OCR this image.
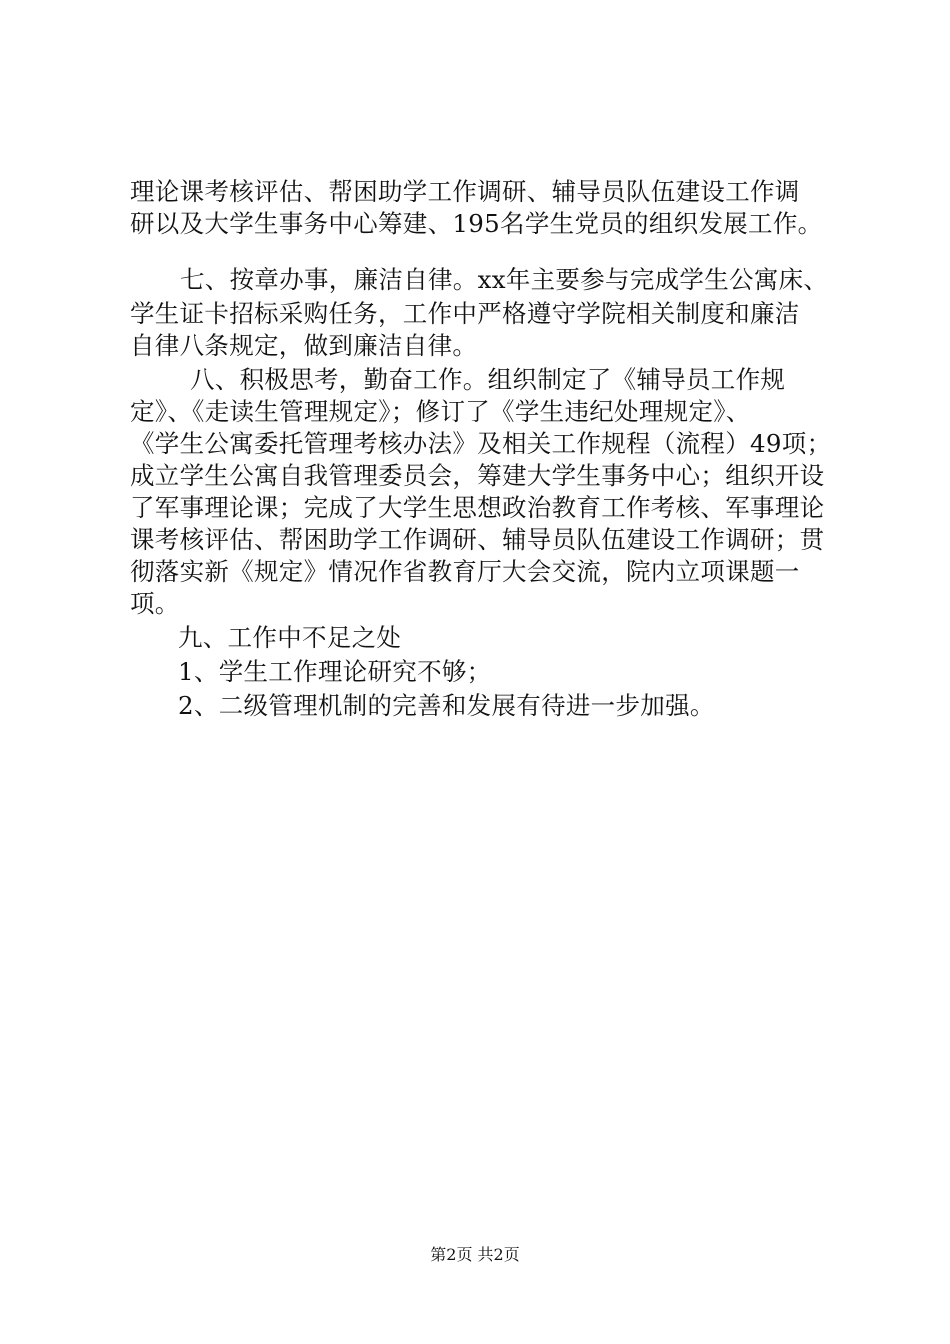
理论课考核评估、帮困助学工作调研、辅导员队伍建设工作调
研以及大学生事务中心筹建、195名学生党员的组织发展工作。
七、按章办事，廉洁自律。xx年主要参与完成学生公寓床、
学生证卡招标采购任务，工作中严格遵守学院相关制度和廉洁
自律八条规定，做到廉洁自律。
八、积极思考，勤奋工作。组织制定了《辅导员工作规
定》、《走读生管理规定》；修订了《学生违纪处理规定》、
《学生公寓委托管理考核办法》及相关工作规程（流程）49项；
成立学生公寓自我管理委员会，筹建大学生事务中心；组织开设
了军事理论课；完成了大学生思想政治教育工作考核、军事理论
课考核评估、帮困助学工作调研、辅导员队伍建设工作调研；贯
彻落实新《规定》情况作省教育厅大会交流，院内立项课题一
项。
九、工作中不足之处
1、学生工作理论研究不够；
2、二级管理机制的完善和发展有待进一步加强。
第2页 共2页
